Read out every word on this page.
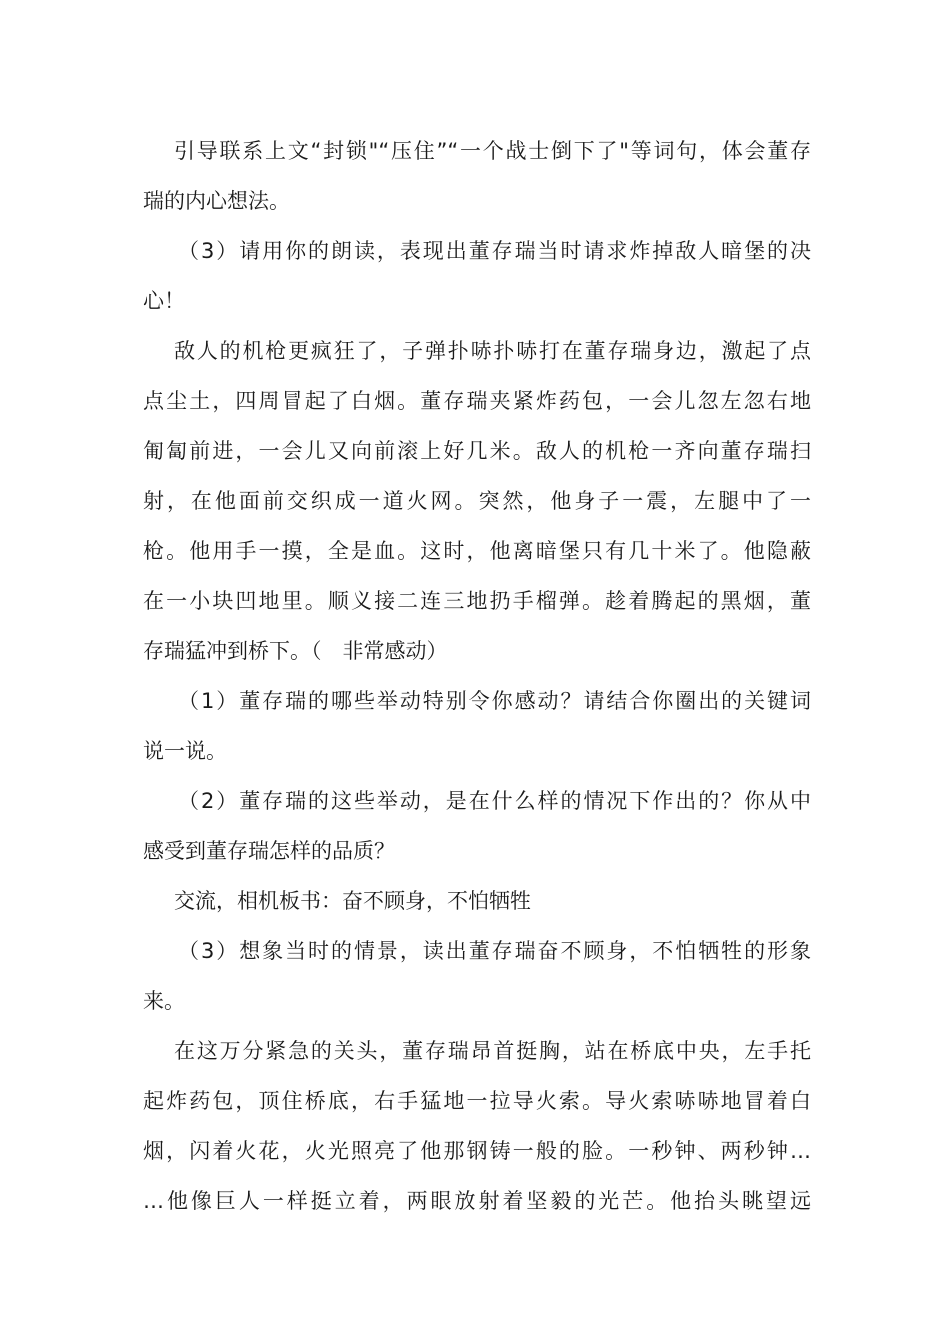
引导联系上文“封锁"“压住”“一个战士倒下了"等词句，体会董存
瑞的内心想法。
（3）请用你的朗读，表现出董存瑞当时请求炸掉敌人暗堡的决
心！
敌人的机枪更疯狂了，子弹扑哧扑哧打在董存瑞身边，激起了点
点尘土，四周冒起了白烟。董存瑞夹紧炸药包，一会儿忽左忽右地
匍匐前进，一会儿又向前滚上好几米。敌人的机枪一齐向董存瑞扫
射，在他面前交织成一道火网。突然，他身子一震，左腿中了一
枪。他用手一摸，全是血。这时，他离暗堡只有几十米了。他隐蔽
在一小块凹地里。顺义接二连三地扔手榴弹。趁着腾起的黑烟，董
存瑞猛冲到桥下。（　非常感动）
（1）董存瑞的哪些举动特别令你感动？请结合你圈出的关键词
说一说。
（2）董存瑞的这些举动，是在什么样的情况下作出的？你从中
感受到董存瑞怎样的品质？
交流，相机板书：奋不顾身，不怕牺牲
（3）想象当时的情景，读出董存瑞奋不顾身，不怕牺牲的形象
来。
在这万分紧急的关头，董存瑞昂首挺胸，站在桥底中央，左手托
起炸药包，顶住桥底，右手猛地一拉导火索。导火索哧哧地冒着白
烟，闪着火花，火光照亮了他那钢铸一般的脸。一秒钟、两秒钟…
…他像巨人一样挺立着，两眼放射着坚毅的光芒。他抬头眺望远
